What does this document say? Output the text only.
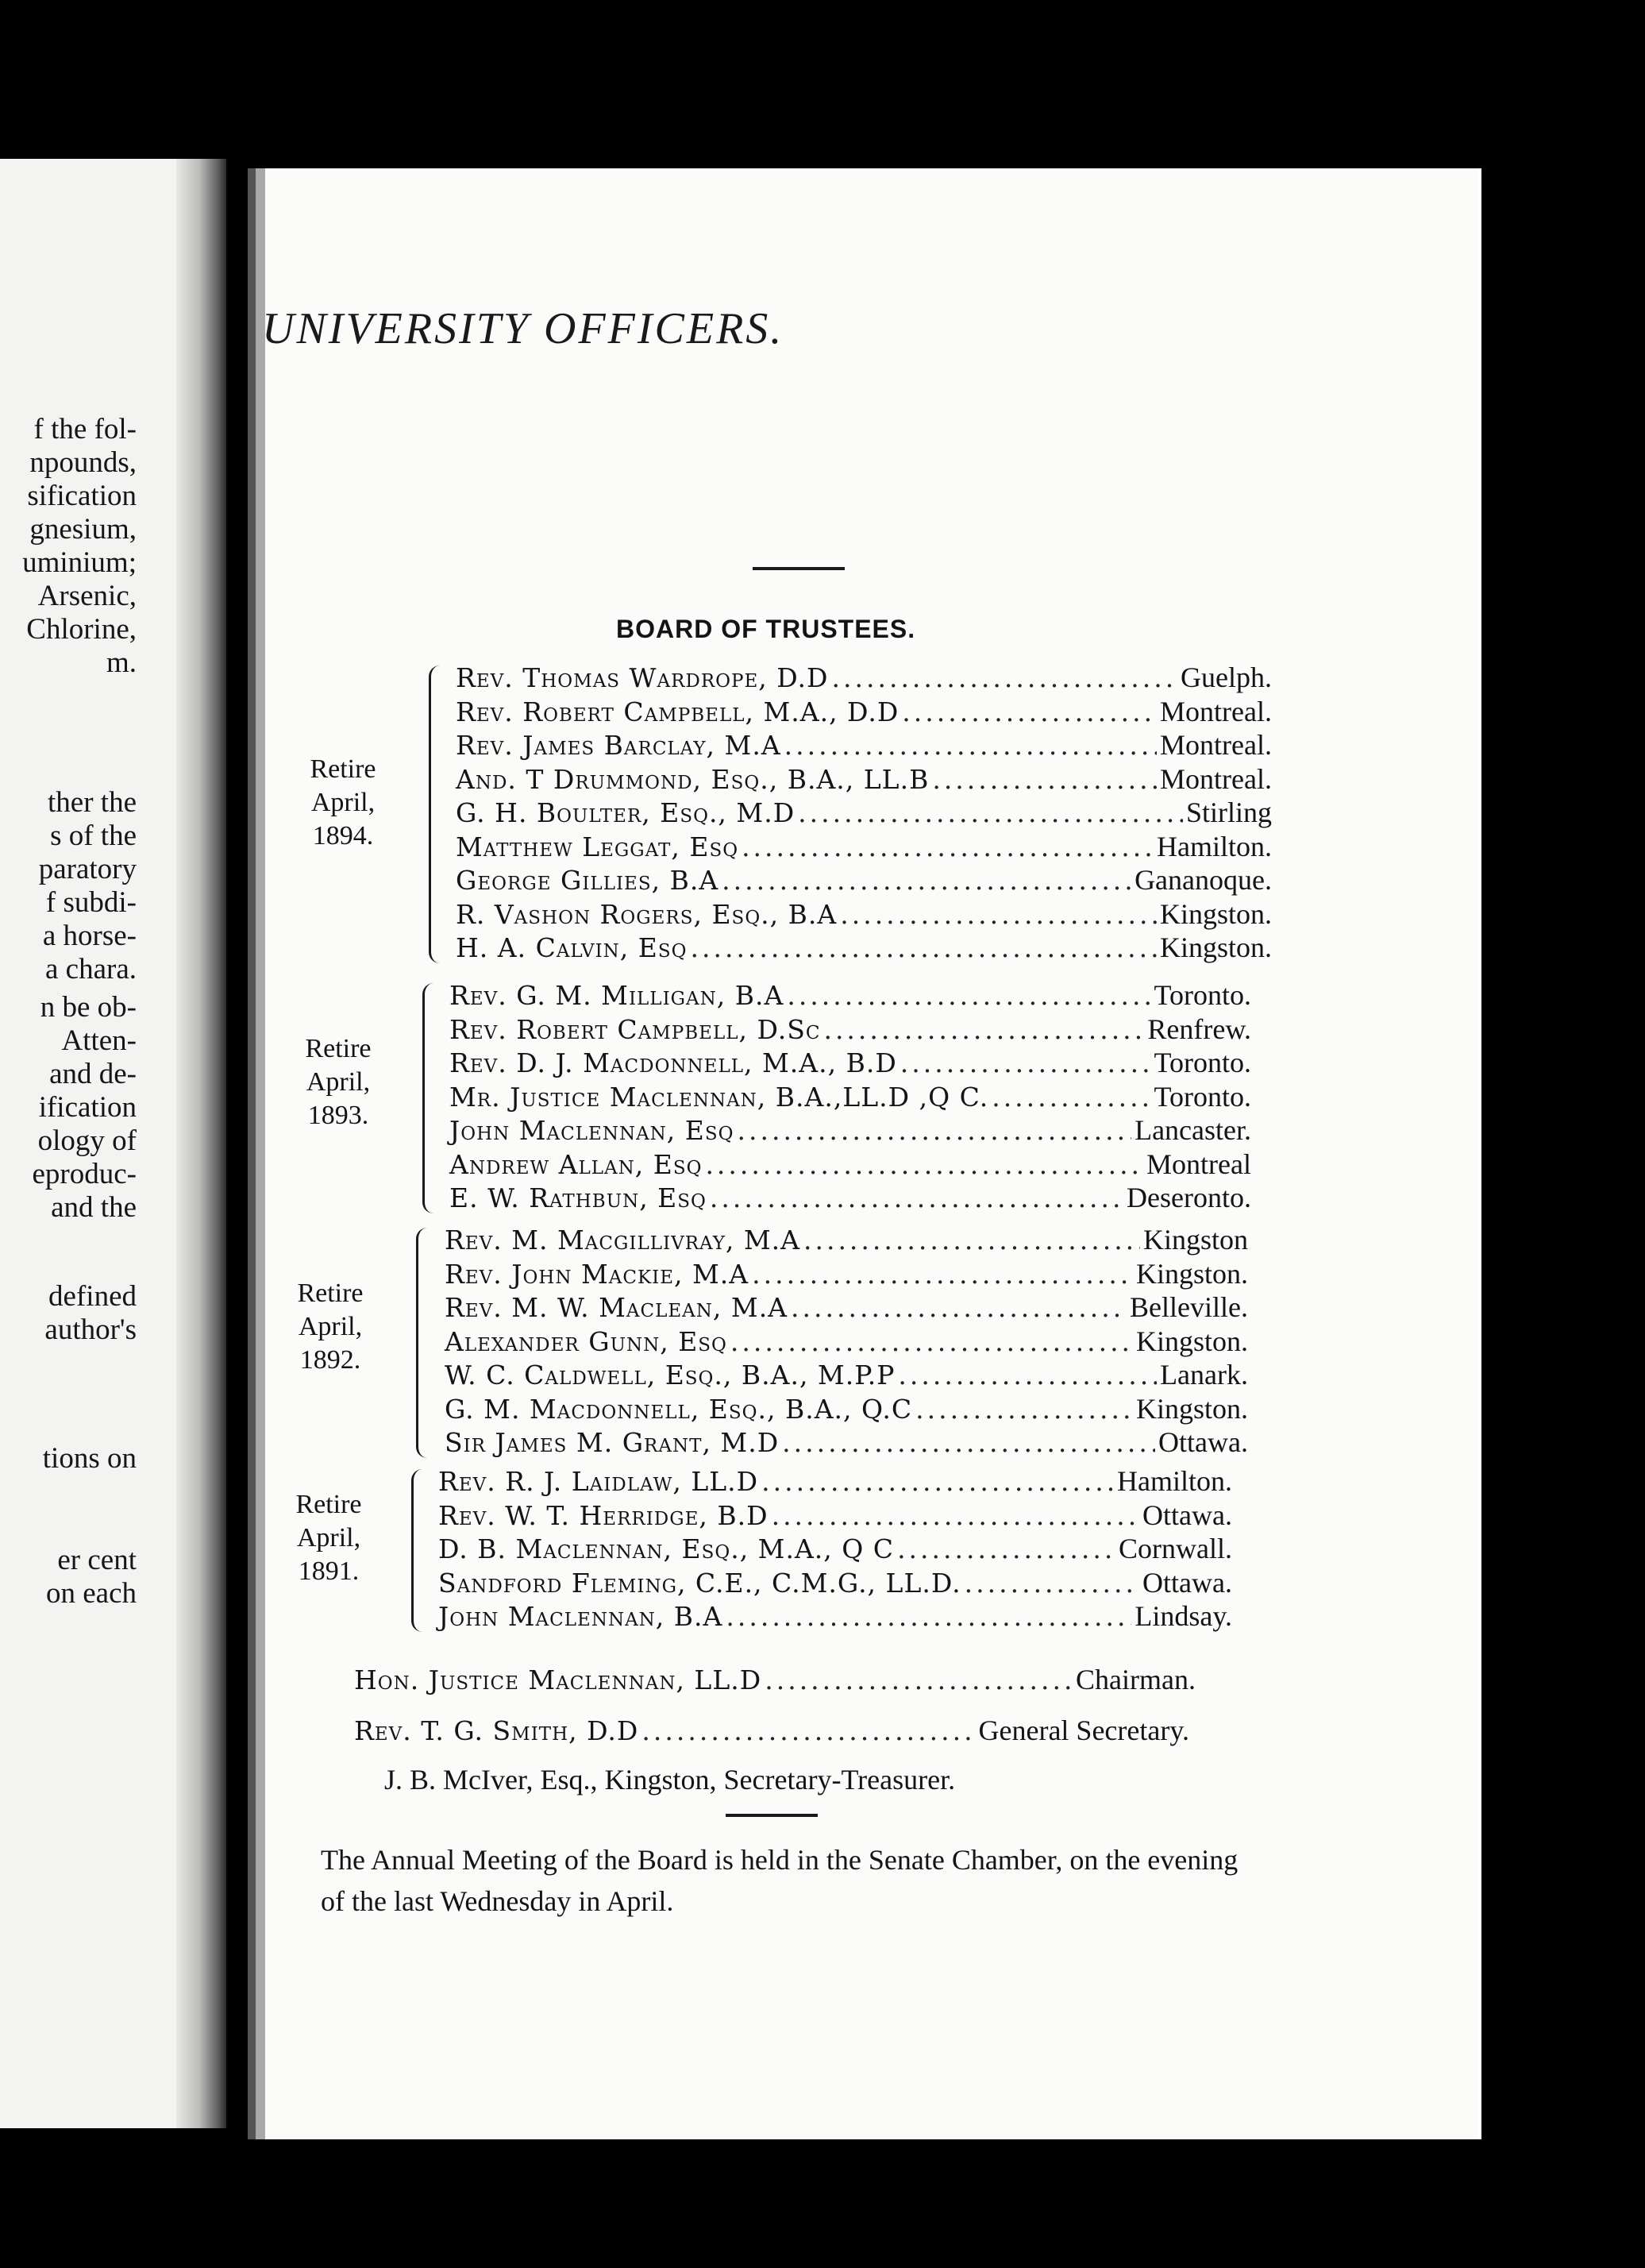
f the fol-
npounds,
sification
gnesium,
uminium;
Arsenic,
Chlorine,
m.
ther the
s of the
paratory
f subdi-
a horse-
a chara.
n be ob-
Atten-
and de-
ification
ology of
eproduc-
and the
defined
author's
tions on
er cent
on each
UNIVERSITY OFFICERS.
BOARD OF TRUSTEES.
Retire
April,
1894.
Rev. Thomas Wardrope, D.D .....	Guelph.
Rev. Robert Campbell, M.A., D.D .....	Montreal.
Rev. James Barclay, M.A .....	Montreal.
And. T Drummond, Esq., B.A., LL.B .....	Montreal.
G. H. Boulter, Esq., M.D .....	Stirling
Matthew Leggat, Esq .....	Hamilton.
George Gillies, B.A .....	Gananoque.
R. Vashon Rogers, Esq., B.A .....	Kingston.
H. A. Calvin, Esq .....	Kingston.
Retire
April,
1893.
Rev. G. M. Milligan, B.A .....	Toronto.
Rev. Robert Campbell, D.Sc .....	Renfrew.
Rev. D. J. Macdonnell, M.A., B.D .....	Toronto.
Mr. Justice Maclennan, B.A.,LL.D ,Q C. .....	Toronto.
John Maclennan, Esq .....	Lancaster.
Andrew Allan, Esq .....	Montreal
E. W. Rathbun, Esq .....	Deseronto.
Retire
April,
1892.
Rev. M. Macgillivray, M.A .....	Kingston
Rev. John Mackie, M.A .....	Kingston.
Rev. M. W. Maclean, M.A .....	Belleville.
Alexander Gunn, Esq .....	Kingston.
W. C. Caldwell, Esq., B.A., M.P.P .....	Lanark.
G. M. Macdonnell, Esq., B.A., Q.C .....	Kingston.
Sir James M. Grant, M.D .....	Ottawa.
Retire
April,
1891.
Rev. R. J. Laidlaw, LL.D .....	Hamilton.
Rev. W. T. Herridge, B.D .....	Ottawa.
D. B. Maclennan, Esq., M.A., Q C .....	Cornwall.
Sandford Fleming, C.E., C.M.G., LL.D. .....	Ottawa.
John Maclennan, B.A .....	Lindsay.
Hon. Justice Maclennan, LL.D .....	Chairman.
Rev. T. G. Smith, D.D .....	General Secretary.
J. B. McIver, Esq., Kingston, Secretary-Treasurer.
The Annual Meeting of the Board is held in the Senate Chamber, on the evening of the last Wednesday in April.
